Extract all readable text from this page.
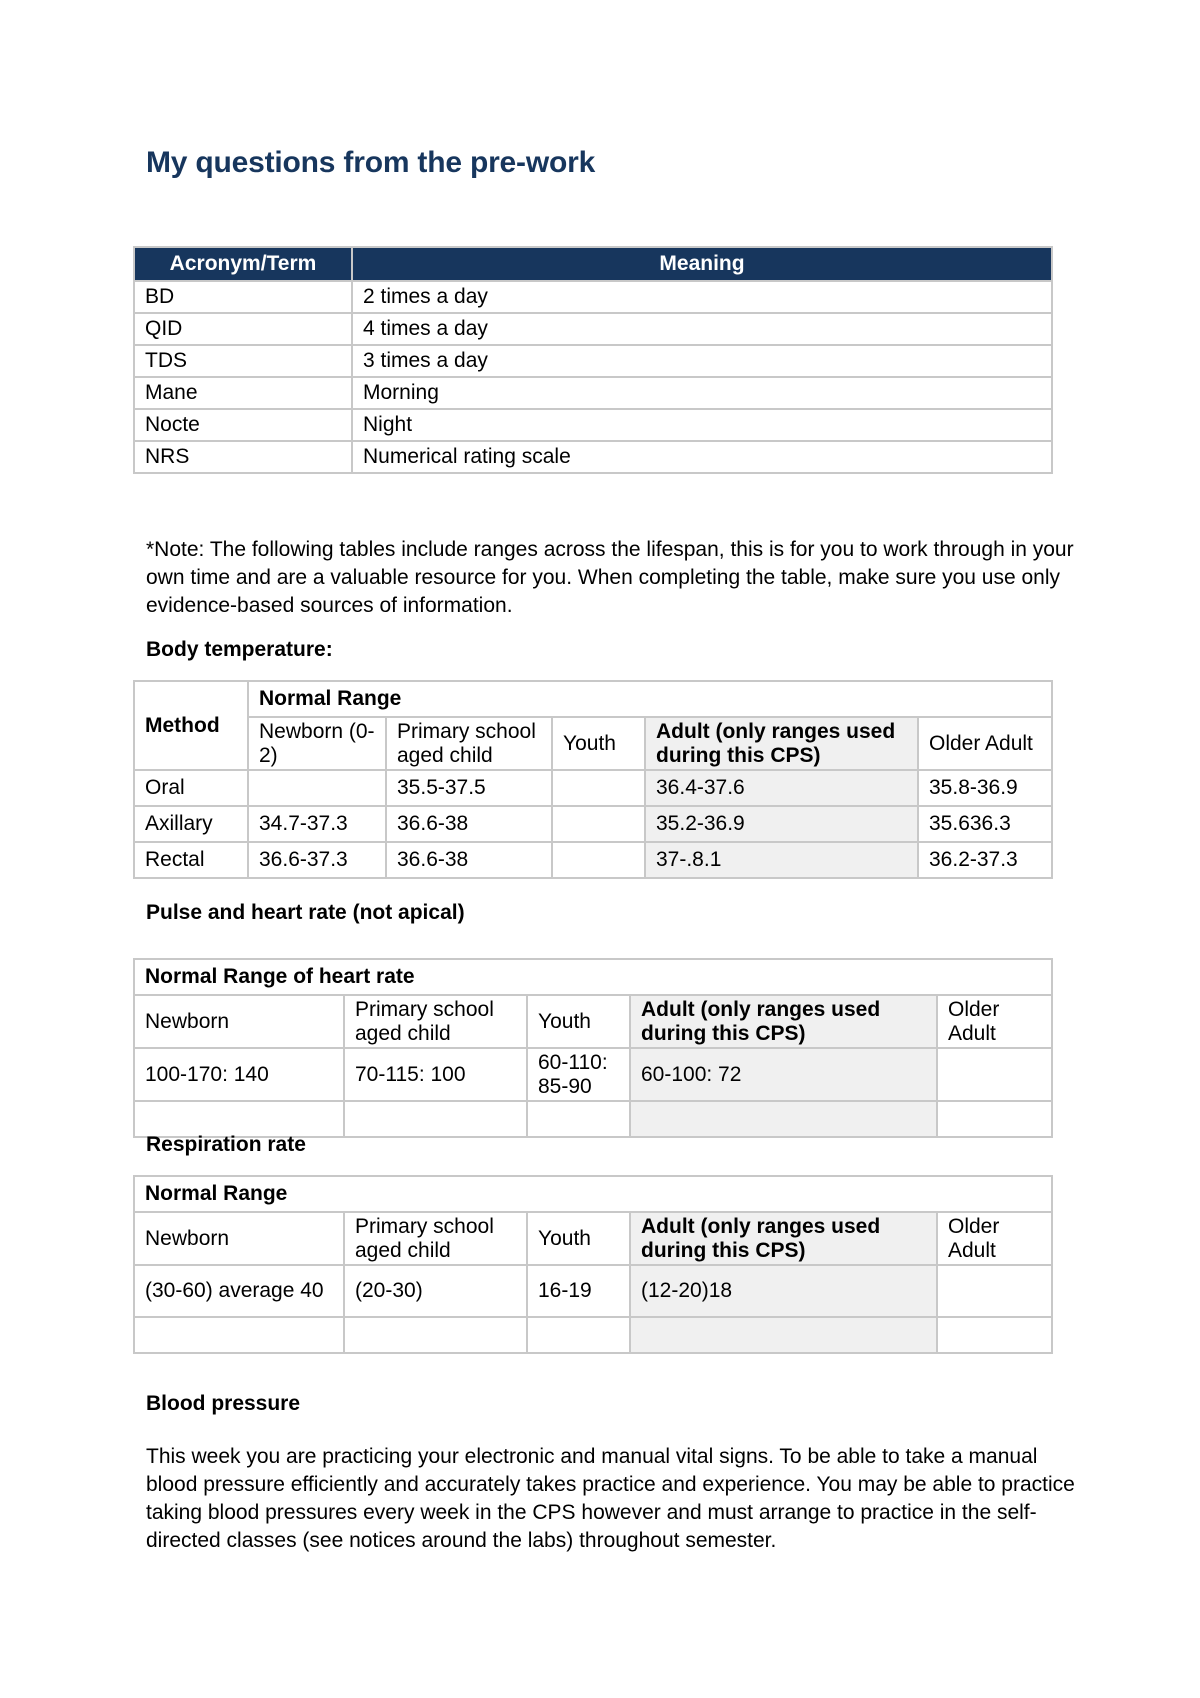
My questions from the pre-work
Acronym/Term	Meaning
BD	2 times a day
QID	4 times a day
TDS	3 times a day
Mane	Morning
Nocte	Night
NRS	Numerical rating scale

*Note: The following tables include ranges across the lifespan, this is for you to work through in your own time and are a valuable resource for you. When completing the table, make sure you use only evidence-based sources of information.

Body temperature:

Method	Normal Range				
	Newborn (0-2)	Primary school aged child	Youth	Adult (only ranges used during this CPS)	Older Adult
Oral		35.5-37.5		36.4-37.6	35.8-36.9
Axillary	34.7-37.3	36.6-38		35.2-36.9	35.636.3
Rectal	36.6-37.3	36.6-38		37-.8.1	36.2-37.3

Pulse and heart rate (not apical)

Normal Range of heart rate				
Newborn	Primary school aged child	Youth	Adult (only ranges used during this CPS)	Older Adult
100-170: 140	70-115: 100	60-110: 85-90	60-100: 72	

Respiration rate

Normal Range				
Newborn	Primary school aged child	Youth	Adult (only ranges used during this CPS)	Older Adult
(30-60) average 40	(20-30)	16-19	(12-20)18	

Blood pressure

This week you are practicing your electronic and manual vital signs. To be able to take a manual blood pressure efficiently and accurately takes practice and experience. You may be able to practice taking blood pressures every week in the CPS however and must arrange to practice in the self-directed classes (see notices around the labs) throughout semester.
